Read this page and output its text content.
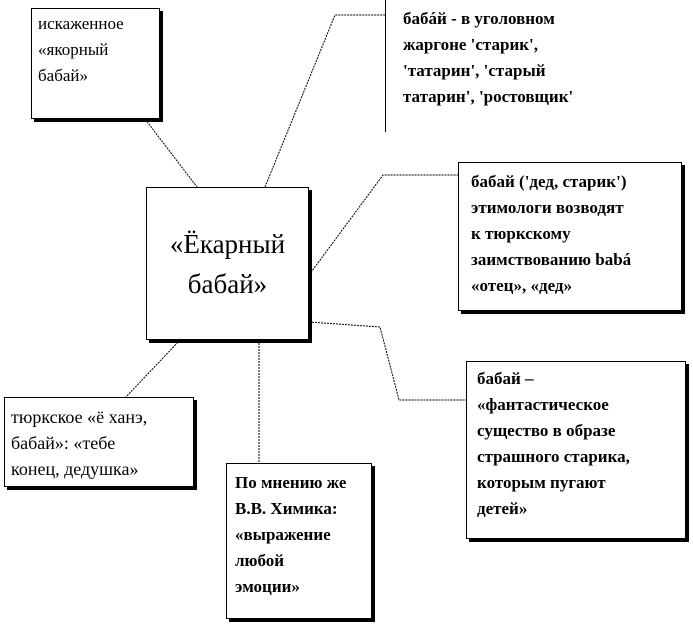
искаженное
«якорный
бабай»
бабáй - в уголовном
жаргоне 'старик',
'татарин', 'старый
татарин', 'ростовщик'
«Ёкарный
бабай»
бабай ('дед, старик')
этимологи возводят
к тюркскому
заимствованию babá
«отец», «дед»
тюркское «ё ханэ,
бабай»: «тебе
конец, дедушка»
По мнению же
В.В. Химика:
«выражение
любой
эмоции»
бабай –
«фантастическое
существо в образе
страшного старика,
которым пугают
детей»
